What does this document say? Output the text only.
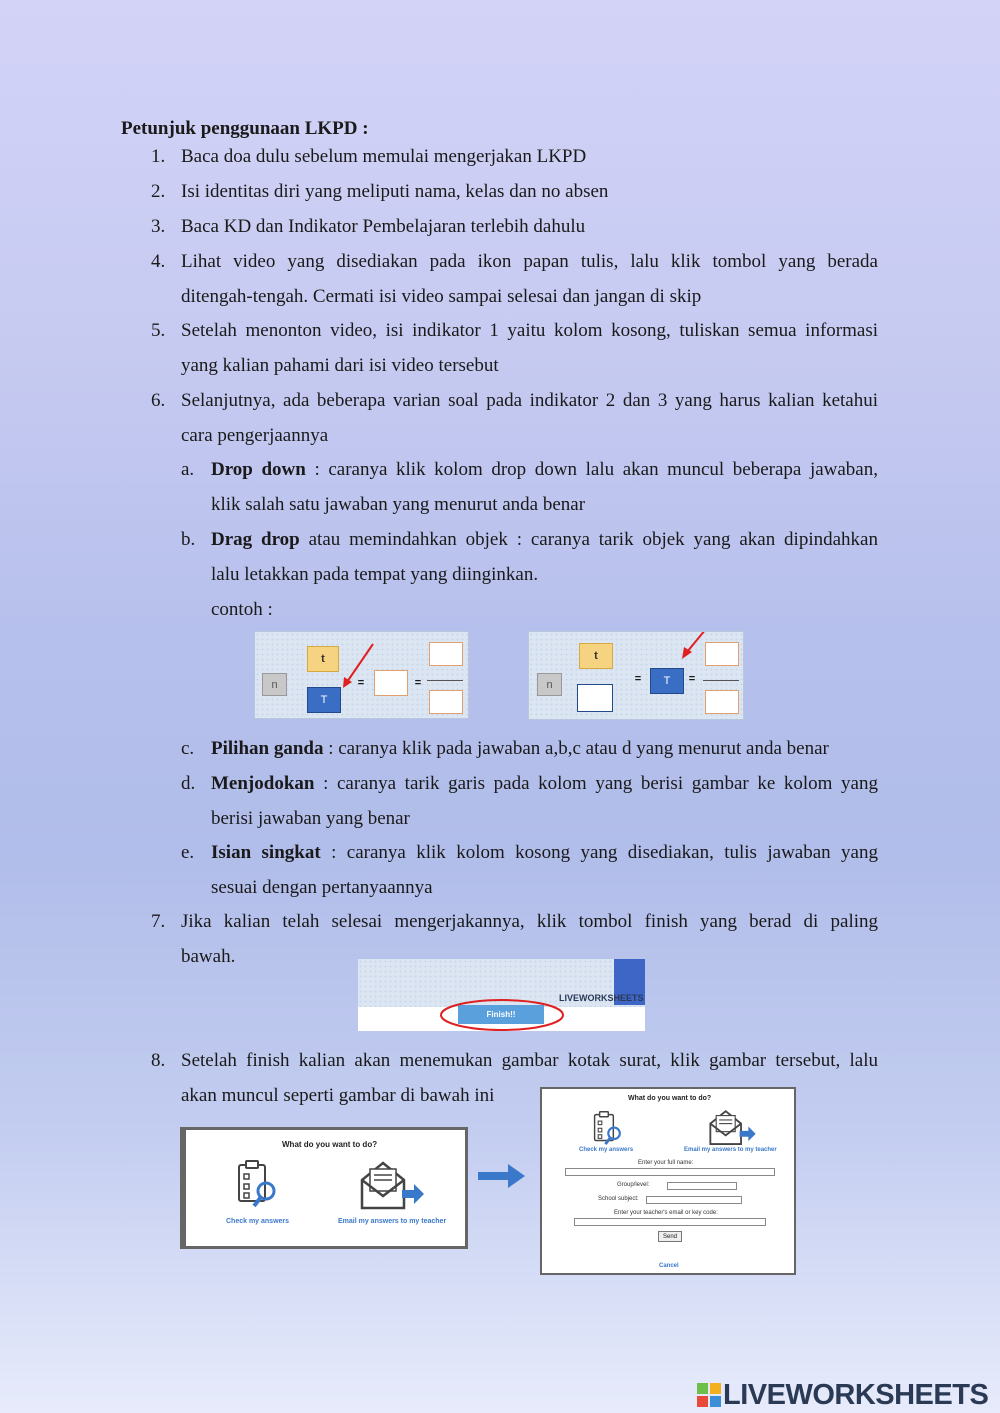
Petunjuk penggunaan LKPD :
1. Baca doa dulu sebelum memulai mengerjakan LKPD
2. Isi identitas diri yang meliputi nama, kelas dan no absen
3. Baca KD dan Indikator Pembelajaran terlebih dahulu
4. Lihat video yang disediakan pada ikon papan tulis, lalu klik tombol yang berada
ditengah-tengah. Cermati isi video sampai selesai dan jangan di skip
5. Setelah menonton video, isi indikator 1 yaitu kolom kosong, tuliskan semua informasi
yang kalian pahami dari isi video tersebut
6. Selanjutnya, ada beberapa varian soal pada indikator 2 dan 3 yang harus kalian ketahui
cara pengerjaannya
a. Drop down : caranya klik kolom drop down lalu akan muncul beberapa jawaban,
klik salah satu jawaban yang menurut anda benar
b. Drag drop atau memindahkan objek : caranya tarik objek yang akan dipindahkan
lalu letakkan pada tempat yang diinginkan.
contoh :
n
t
T
=	=	n
t
=	T	=
c. Pilihan ganda : caranya klik pada jawaban a,b,c atau d yang menurut anda benar
d. Menjodokan : caranya tarik garis pada kolom yang berisi gambar ke kolom yang
berisi jawaban yang benar
e. Isian singkat : caranya klik kolom kosong yang disediakan, tulis jawaban yang
sesuai dengan pertanyaannya
7. Jika kalian telah selesai mengerjakannya, klik tombol finish yang berad di paling
bawah.
LIVEWORKSHEETS
Finish!!
8. Setelah finish kalian akan menemukan gambar kotak surat, klik gambar tersebut, lalu
akan muncul seperti gambar di bawah ini
What do you want to do?
Check my answers	Email my answers to my teacher
What do you want to do?
Check my answers	Email my answers to my teacher
Enter your full name:
Group/level:
School subject:
Enter your teacher's email or key code:
Send
Cancel
LIVEWORKSHEETS
